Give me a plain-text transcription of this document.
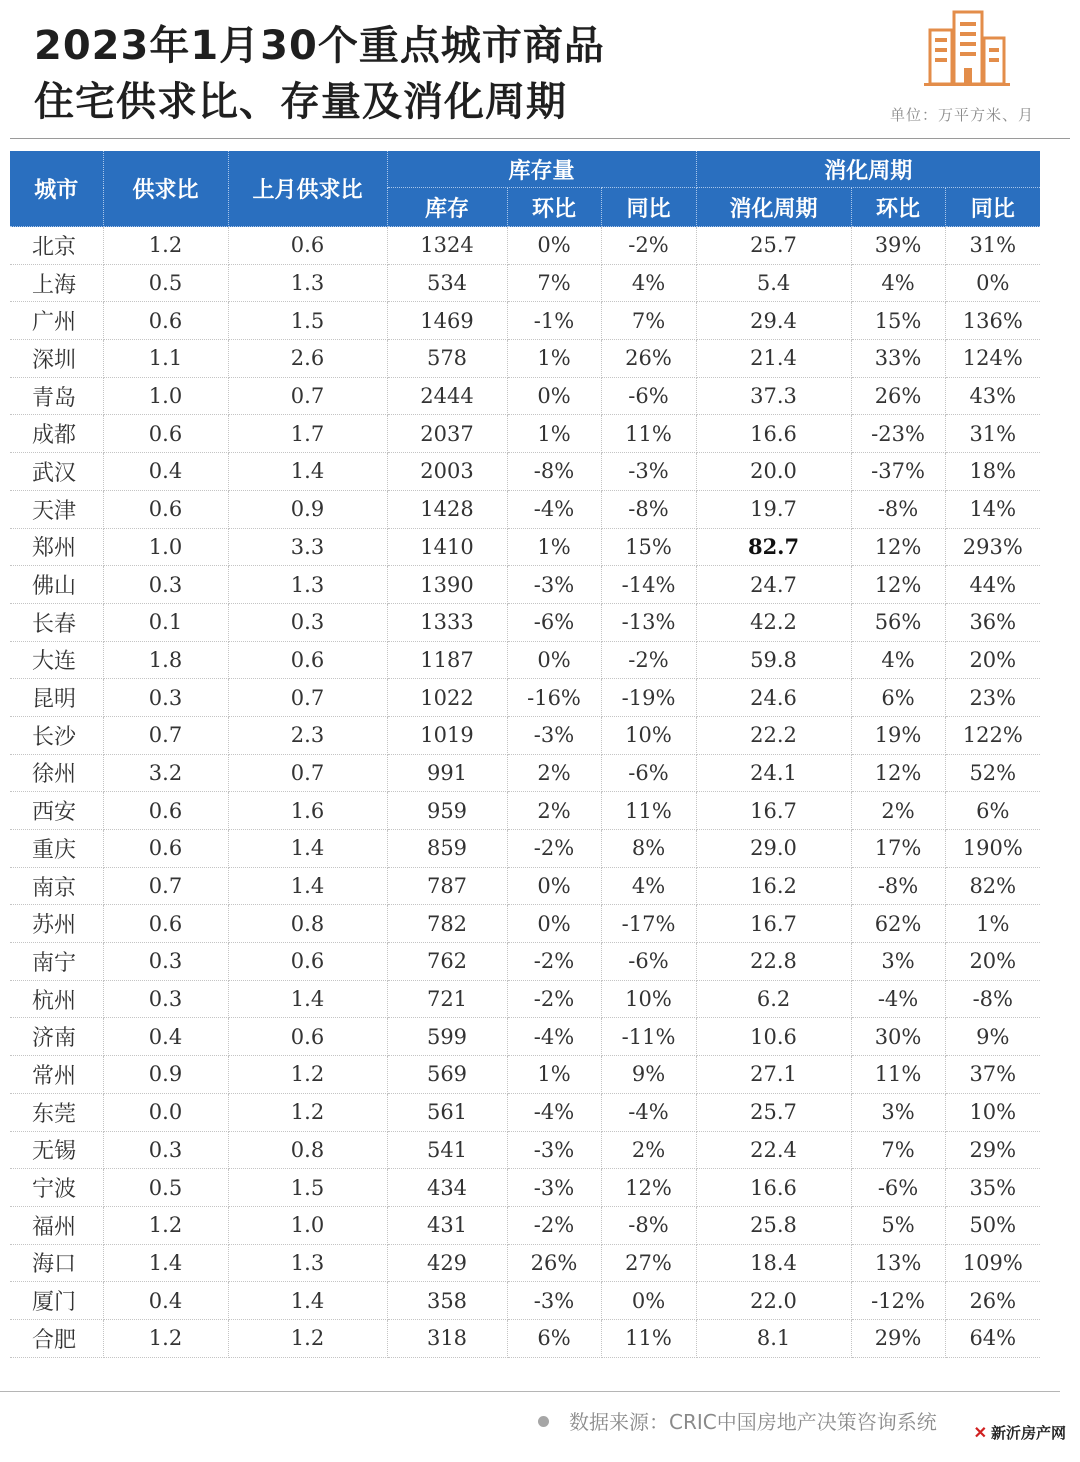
2023年1月30个重点城市商品
住宅供求比、存量及消化周期	单位：万平方米、月
城市	供求比	上月供求比	库存量			消化周期		
			库存	环比	同比	消化周期	环比	同比
北京	1.2	0.6	1324	0%	-2%	25.7	39%	31%
上海	0.5	1.3	534	7%	4%	5.4	4%	0%
广州	0.6	1.5	1469	-1%	7%	29.4	15%	136%
深圳	1.1	2.6	578	1%	26%	21.4	33%	124%
青岛	1.0	0.7	2444	0%	-6%	37.3	26%	43%
成都	0.6	1.7	2037	1%	11%	16.6	-23%	31%
武汉	0.4	1.4	2003	-8%	-3%	20.0	-37%	18%
天津	0.6	0.9	1428	-4%	-8%	19.7	-8%	14%
郑州	1.0	3.3	1410	1%	15%	82.7	12%	293%
佛山	0.3	1.3	1390	-3%	-14%	24.7	12%	44%
长春	0.1	0.3	1333	-6%	-13%	42.2	56%	36%
大连	1.8	0.6	1187	0%	-2%	59.8	4%	20%
昆明	0.3	0.7	1022	-16%	-19%	24.6	6%	23%
长沙	0.7	2.3	1019	-3%	10%	22.2	19%	122%
徐州	3.2	0.7	991	2%	-6%	24.1	12%	52%
西安	0.6	1.6	959	2%	11%	16.7	2%	6%
重庆	0.6	1.4	859	-2%	8%	29.0	17%	190%
南京	0.7	1.4	787	0%	4%	16.2	-8%	82%
苏州	0.6	0.8	782	0%	-17%	16.7	62%	1%
南宁	0.3	0.6	762	-2%	-6%	22.8	3%	20%
杭州	0.3	1.4	721	-2%	10%	6.2	-4%	-8%
济南	0.4	0.6	599	-4%	-11%	10.6	30%	9%
常州	0.9	1.2	569	1%	9%	27.1	11%	37%
东莞	0.0	1.2	561	-4%	-4%	25.7	3%	10%
无锡	0.3	0.8	541	-3%	2%	22.4	7%	29%
宁波	0.5	1.5	434	-3%	12%	16.6	-6%	35%
福州	1.2	1.0	431	-2%	-8%	25.8	5%	50%
海口	1.4	1.3	429	26%	27%	18.4	13%	109%
厦门	0.4	1.4	358	-3%	0%	22.0	-12%	26%
合肥	1.2	1.2	318	6%	11%	8.1	29%	64%
数据来源：CRIC中国房地产决策咨询系统 ✕ 新沂房产网
